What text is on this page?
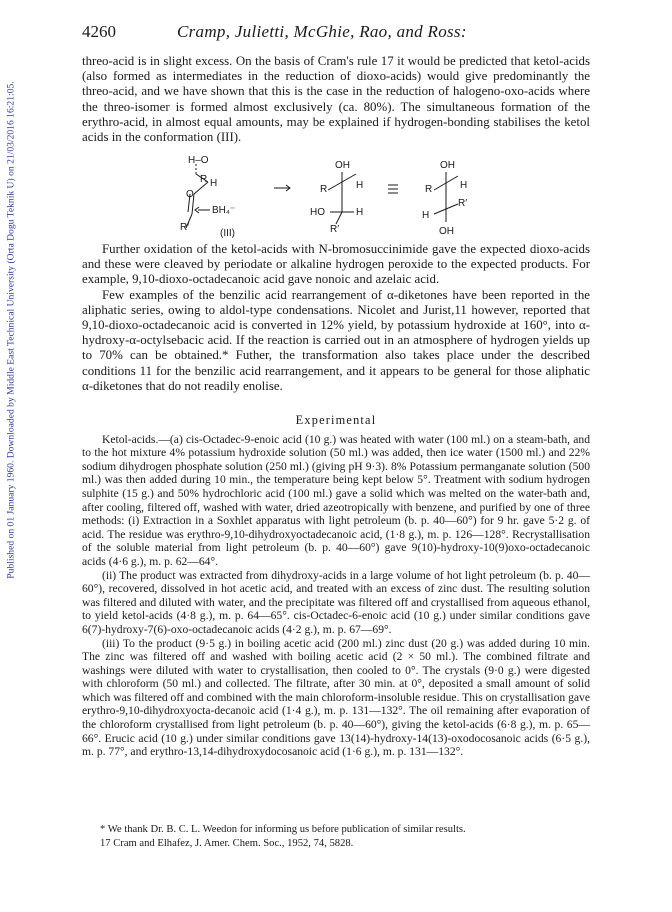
Published on 01 January 1960. Downloaded by Middle East Technical University (Orta Dogu Teknik U) on 21/03/2016 16:21:05.
4260	Cramp, Julietti, McGhie, Rao, and Ross:

threo-acid is in slight excess. On the basis of Cram's rule 17 it would be predicted that ketol-acids (also formed as intermediates in the reduction of dioxo-acids) would give predominantly the threo-acid, and we have shown that this is the case in the reduction of halogeno-oxo-acids where the threo-isomer is formed almost exclusively (ca. 80%). The simultaneous formation of the erythro-acid, in almost equal amounts, may be explained if hydrogen-bonding stabilises the ketol acids in the conformation (III).

H–O
R H
O
BH₄⁻
R′
(III)
OH
R	H
HO	H
R′
OH
R	H
H
R′
OH

Further oxidation of the ketol-acids with N-bromosuccinimide gave the expected dioxo-acids and these were cleaved by periodate or alkaline hydrogen peroxide to the expected products. For example, 9,10-dioxo-octadecanoic acid gave nonoic and azelaic acid.

Few examples of the benzilic acid rearrangement of α-diketones have been reported in the aliphatic series, owing to aldol-type condensations. Nicolet and Jurist,11 however, reported that 9,10-dioxo-octadecanoic acid is converted in 12% yield, by potassium hydroxide at 160°, into α-hydroxy-α-octylsebacic acid. If the reaction is carried out in an atmosphere of hydrogen yields up to 70% can be obtained.* Futher, the transformation also takes place under the described conditions 11 for the benzilic acid rearrangement, and it appears to be general for those aliphatic α-diketones that do not readily enolise.

Experimental

Ketol-acids.—(a) cis-Octadec-9-enoic acid (10 g.) was heated with water (100 ml.) on a steam-bath, and to the hot mixture 4% potassium hydroxide solution (50 ml.) was added, then ice water (1500 ml.) and 22% sodium dihydrogen phosphate solution (250 ml.) (giving pH 9·3). 8% Potassium permanganate solution (500 ml.) was then added during 10 min., the temperature being kept below 5°. Treatment with sodium hydrogen sulphite (15 g.) and 50% hydrochloric acid (100 ml.) gave a solid which was melted on the water-bath and, after cooling, filtered off, washed with water, dried azeotropically with benzene, and purified by one of three methods: (i) Extraction in a Soxhlet apparatus with light petroleum (b. p. 40—60°) for 9 hr. gave 5·2 g. of acid. The residue was erythro-9,10-dihydroxyoctadecanoic acid, (1·8 g.), m. p. 126—128°. Recrystallisation of the soluble material from light petroleum (b. p. 40—60°) gave 9(10)-hydroxy-10(9)oxo-octadecanoic acids (4·6 g.), m. p. 62—64°.

(ii) The product was extracted from dihydroxy-acids in a large volume of hot light petroleum (b. p. 40—60°), recovered, dissolved in hot acetic acid, and treated with an excess of zinc dust. The resulting solution was filtered and diluted with water, and the precipitate was filtered off and crystallised from aqueous ethanol, to yield ketol-acids (4·8 g.), m. p. 64—65°. cis-Octadec-6-enoic acid (10 g.) under similar conditions gave 6(7)-hydroxy-7(6)-oxo-octadecanoic acids (4·2 g.), m. p. 67—69°.

(iii) To the product (9·5 g.) in boiling acetic acid (200 ml.) zinc dust (20 g.) was added during 10 min. The zinc was filtered off and washed with boiling acetic acid (2 × 50 ml.). The combined filtrate and washings were diluted with water to crystallisation, then cooled to 0°. The crystals (9·0 g.) were digested with chloroform (50 ml.) and collected. The filtrate, after 30 min. at 0°, deposited a small amount of solid which was filtered off and combined with the main chloroform-insoluble residue. This on crystallisation gave erythro-9,10-dihydroxyocta-decanoic acid (1·4 g.), m. p. 131—132°. The oil remaining after evaporation of the chloroform crystallised from light petroleum (b. p. 40—60°), giving the ketol-acids (6·8 g.), m. p. 65—66°. Erucic acid (10 g.) under similar conditions gave 13(14)-hydroxy-14(13)-oxodocosanoic acids (6·5 g.), m. p. 77°, and erythro-13,14-dihydroxydocosanoic acid (1·6 g.), m. p. 131—132°.

* We thank Dr. B. C. L. Weedon for informing us before publication of similar results.

17 Cram and Elhafez, J. Amer. Chem. Soc., 1952, 74, 5828.
